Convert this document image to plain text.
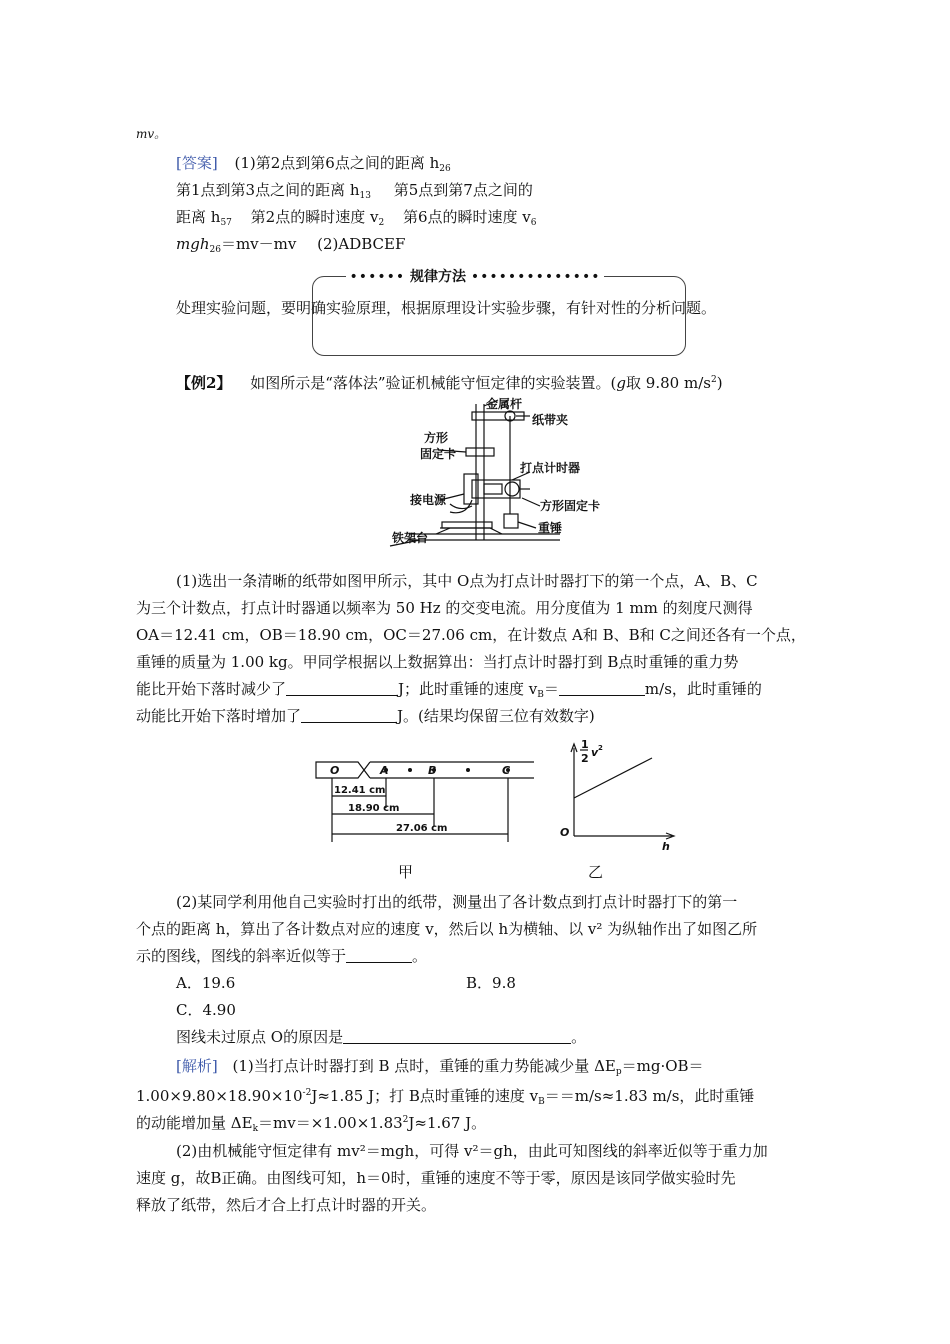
mv。
[答案] (1)第2点到第6点之间的距离 $h_{26}$
第1点到第3点之间的距离 $h_{13}$ 第5点到第7点之间的
距离 $h_{57}$ 第2点的瞬时速度 $v_2$ 第6点的瞬时速度 $v_6$
mgh$_{26}$＝mv－mv (2)ADBCEF
•••••• 规律方法 ••••••••••••••
处理实验问题，要明确实验原理，根据原理设计实验步骤，有针对性的分析问题。
【例2】 如图所示是“落体法”验证机械能守恒定律的实验装置。(g取 9.80 $m/s^2$)
金属杆
纸带夹
方形
固定卡
打点计时器
接电源	方形固定卡
重锤
铁架台
(1)选出一条清晰的纸带如图甲所示，其中 O点为打点计时器打下的第一个点，A、B、C
为三个计数点，打点计时器通以频率为 50 Hz 的交变电流。用分度值为 1 mm 的刻度尺测得
OA＝12.41 cm，OB＝18.90 cm，OC＝27.06 cm，在计数点 A和 B、B和 C之间还各有一个点，
重锤的质量为 1.00 kg。甲同学根据以上数据算出：当打点计时器打到 B点时重锤的重力势
能比开始下落时减少了	J；此时重锤的速度 $v_B=$	m/s，此时重锤的
动能比开始下落时增加了	J。(结果均保留三位有效数字)
O	A	B	C
12.41 cm
18.90 cm
27.06 cm
甲
1
2 v 2
O
h
乙
(2)某同学利用他自己实验时打出的纸带，测量出了各计数点到打点计时器打下的第一
个点的距离 h，算出了各计数点对应的速度 v，然后以 h为横轴、以 v² 为纵轴作出了如图乙所
示的图线，图线的斜率近似等于	。
A．19.6	B．9.8
C．4.90
图线未过原点 O的原因是	。
[解析] (1)当打点计时器打到 B 点时，重锤的重力势能减少量 $\Delta E_p=mg\cdot OB=$
$1.00\times 9.80\times 18.90\times 10^{-2}J\approx 1.85$ J；打 B点时重锤的速度 $v_B==m/s\approx 1.83$ m/s，此时重锤
的动能增加量 $\Delta E_k=mv=\times 1.00\times 1.83^2J\approx 1.67$ J。
(2)由机械能守恒定律有 mv²＝mgh，可得 v²＝gh，由此可知图线的斜率近似等于重力加
速度 g，故B正确。由图线可知，h＝0时，重锤的速度不等于零，原因是该同学做实验时先
释放了纸带，然后才合上打点计时器的开关。
